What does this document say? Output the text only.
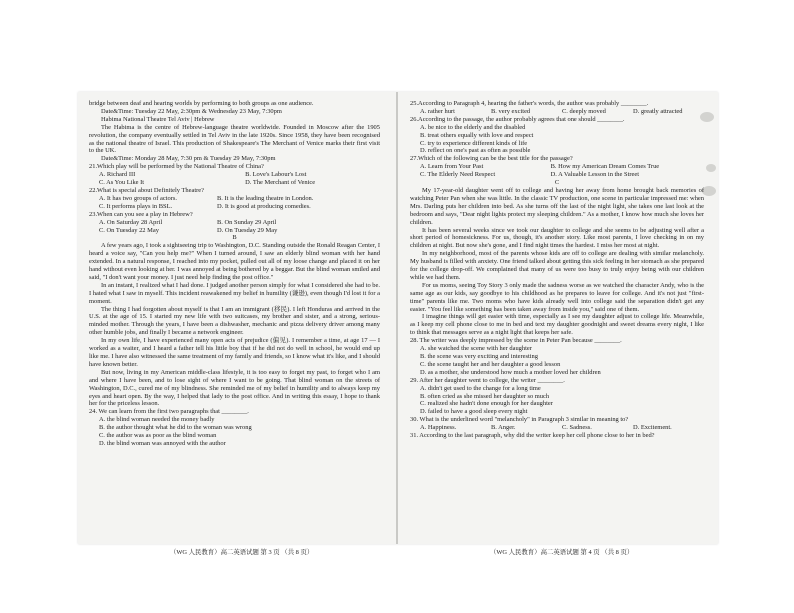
bridge between deaf and hearing worlds by performing to both groups as one audience.

Date&Time: Tuesday 22 May, 2:30pm & Wednesday 23 May, 7:30pm

Habima National Theatre Tel Aviv | Hebrew

The Habima is the centre of Hebrew-language theatre worldwide. Founded in Moscow after the 1905 revolution, the company eventually settled in Tel Aviv in the late 1920s. Since 1958, they have been recognised as the national theatre of Israel. This production of Shakespeare's The Merchant of Venice marks their first visit to the UK.

Date&Time: Monday 28 May, 7:30 pm & Tuesday 29 May, 7:30pm

21.Which play will be performed by the National Theatre of China?

A. Richard III	B. Love's Labour's Lost
C. As You Like It	D. The Merchant of Venice

22.What is special about Definitely Theatre?

A. It has two groups of actors.	B. It is the leading theatre in London.
C. It performs plays in BSL.	D. It is good at producing comedies.

23.When can you see a play in Hebrew?

A. On Saturday 28 April	B. On Sunday 29 April
C. On Tuesday 22 May	D. On Tuesday 29 May

B

A few years ago, I took a sightseeing trip to Washington, D.C. Standing outside the Ronald Reagan Center, I heard a voice say, "Can you help me?" When I turned around, I saw an elderly blind woman with her hand extended. In a natural response, I reached into my pocket, pulled out all of my loose change and placed it on her hand without even looking at her. I was annoyed at being bothered by a beggar. But the blind woman smiled and said, "I don't want your money. I just need help finding the post office."

In an instant, I realized what I had done. I judged another person simply for what I considered she had to be. I hated what I saw in myself. This incident reawakened my belief in humility (谦逊), even though I'd lost it for a moment.

The thing I had forgotten about myself is that I am an immigrant (移民). I left Honduras and arrived in the U.S. at the age of 15. I started my new life with two suitcases, my brother and sister, and a strong, serious-minded mother. Through the years, I have been a dishwasher, mechanic and pizza delivery driver among many other humble jobs, and finally I became a network engineer.

In my own life, I have experienced many open acts of prejudice (偏见). I remember a time, at age 17 — I worked as a waiter, and I heard a father tell his little boy that if he did not do well in school, he would end up like me. I have also witnessed the same treatment of my family and friends, so I know what it's like, and I should have known better.

But now, living in my American middle-class lifestyle, it is too easy to forget my past, to forget who I am and where I have been, and to lose sight of where I want to be going. That blind woman on the streets of Washington, D.C., cured me of my blindness. She reminded me of my belief in humility and to always keep my eyes and heart open. By the way, I helped that lady to the post office. And in writing this essay, I hope to thank her for the priceless lesson.

24. We can learn from the first two paragraphs that ________.

A. the blind woman needed the money badly

B. the author thought what he did to the woman was wrong

C. the author was as poor as the blind woman

D. the blind woman was annoyed with the author

（WG 人民教育）高二英语试题 第 3 页 （共 8 页）

25.According to Paragraph 4, hearing the father's words, the author was probably ________.

A. rather hurt	B. very excited	C. deeply moved	D. greatly attracted

26.According to the passage, the author probably agrees that one should ________.

A. be nice to the elderly and the disabled

B. treat others equally with love and respect

C. try to experience different kinds of life

D. reflect on one's past as often as possible

27.Which of the following can be the best title for the passage?

A. Learn from Your Past	B. How my American Dream Comes True
C. The Elderly Need Respect	D. A Valuable Lesson in the Street

C

My 17-year-old daughter went off to college and having her away from home brought back memories of watching Peter Pan when she was little. In the classic TV production, one scene in particular impressed me: when Mrs. Darling puts her children into bed. As she turns off the last of the night light, she takes one last look at the bedroom and says, "Dear night lights protect my sleeping children." As a mother, I know how much she loves her children.

It has been several weeks since we took our daughter to college and she seems to be adjusting well after a short period of homesickness. For us, though, it's another story. Like most parents, I love checking in on my children at night. But now she's gone, and I find night times the hardest. I miss her most at night.

In my neighborhood, most of the parents whose kids are off to college are dealing with similar melancholy. My husband is filled with anxiety. One friend talked about getting this sick feeling in her stomach as she prepared for the college drop-off. We complained that many of us were too busy to truly enjoy being with our children while we had them.

For us moms, seeing Toy Story 3 only made the sadness worse as we watched the character Andy, who is the same age as our kids, say goodbye to his childhood as he prepares to leave for college. And it's not just "first-time" parents like me. Two moms who have kids already well into college said the separation didn't get any easier. "You feel like something has been taken away from inside you," said one of them.

I imagine things will get easier with time, especially as I see my daughter adjust to college life. Meanwhile, as I keep my cell phone close to me in bed and text my daughter goodnight and sweet dreams every night, I like to think that messages serve as a night light that keeps her safe.

28. The writer was deeply impressed by the scene in Peter Pan because ________.

A. she watched the scene with her daughter

B. the scene was very exciting and interesting

C. the scene taught her and her daughter a good lesson

D. as a mother, she understood how much a mother loved her children

29. After her daughter went to college, the writer ________.

A. didn't get used to the change for a long time

B. often cried as she missed her daughter so much

C. realized she hadn't done enough for her daughter

D. failed to have a good sleep every night

30. What is the underlined word "melancholy" in Paragraph 3 similar in meaning to?

A. Happiness.	B. Anger.	C. Sadness.	D. Excitement.

31. According to the last paragraph, why did the writer keep her cell phone close to her in bed?

（WG 人民教育）高二英语试题 第 4 页 （共 8 页）
